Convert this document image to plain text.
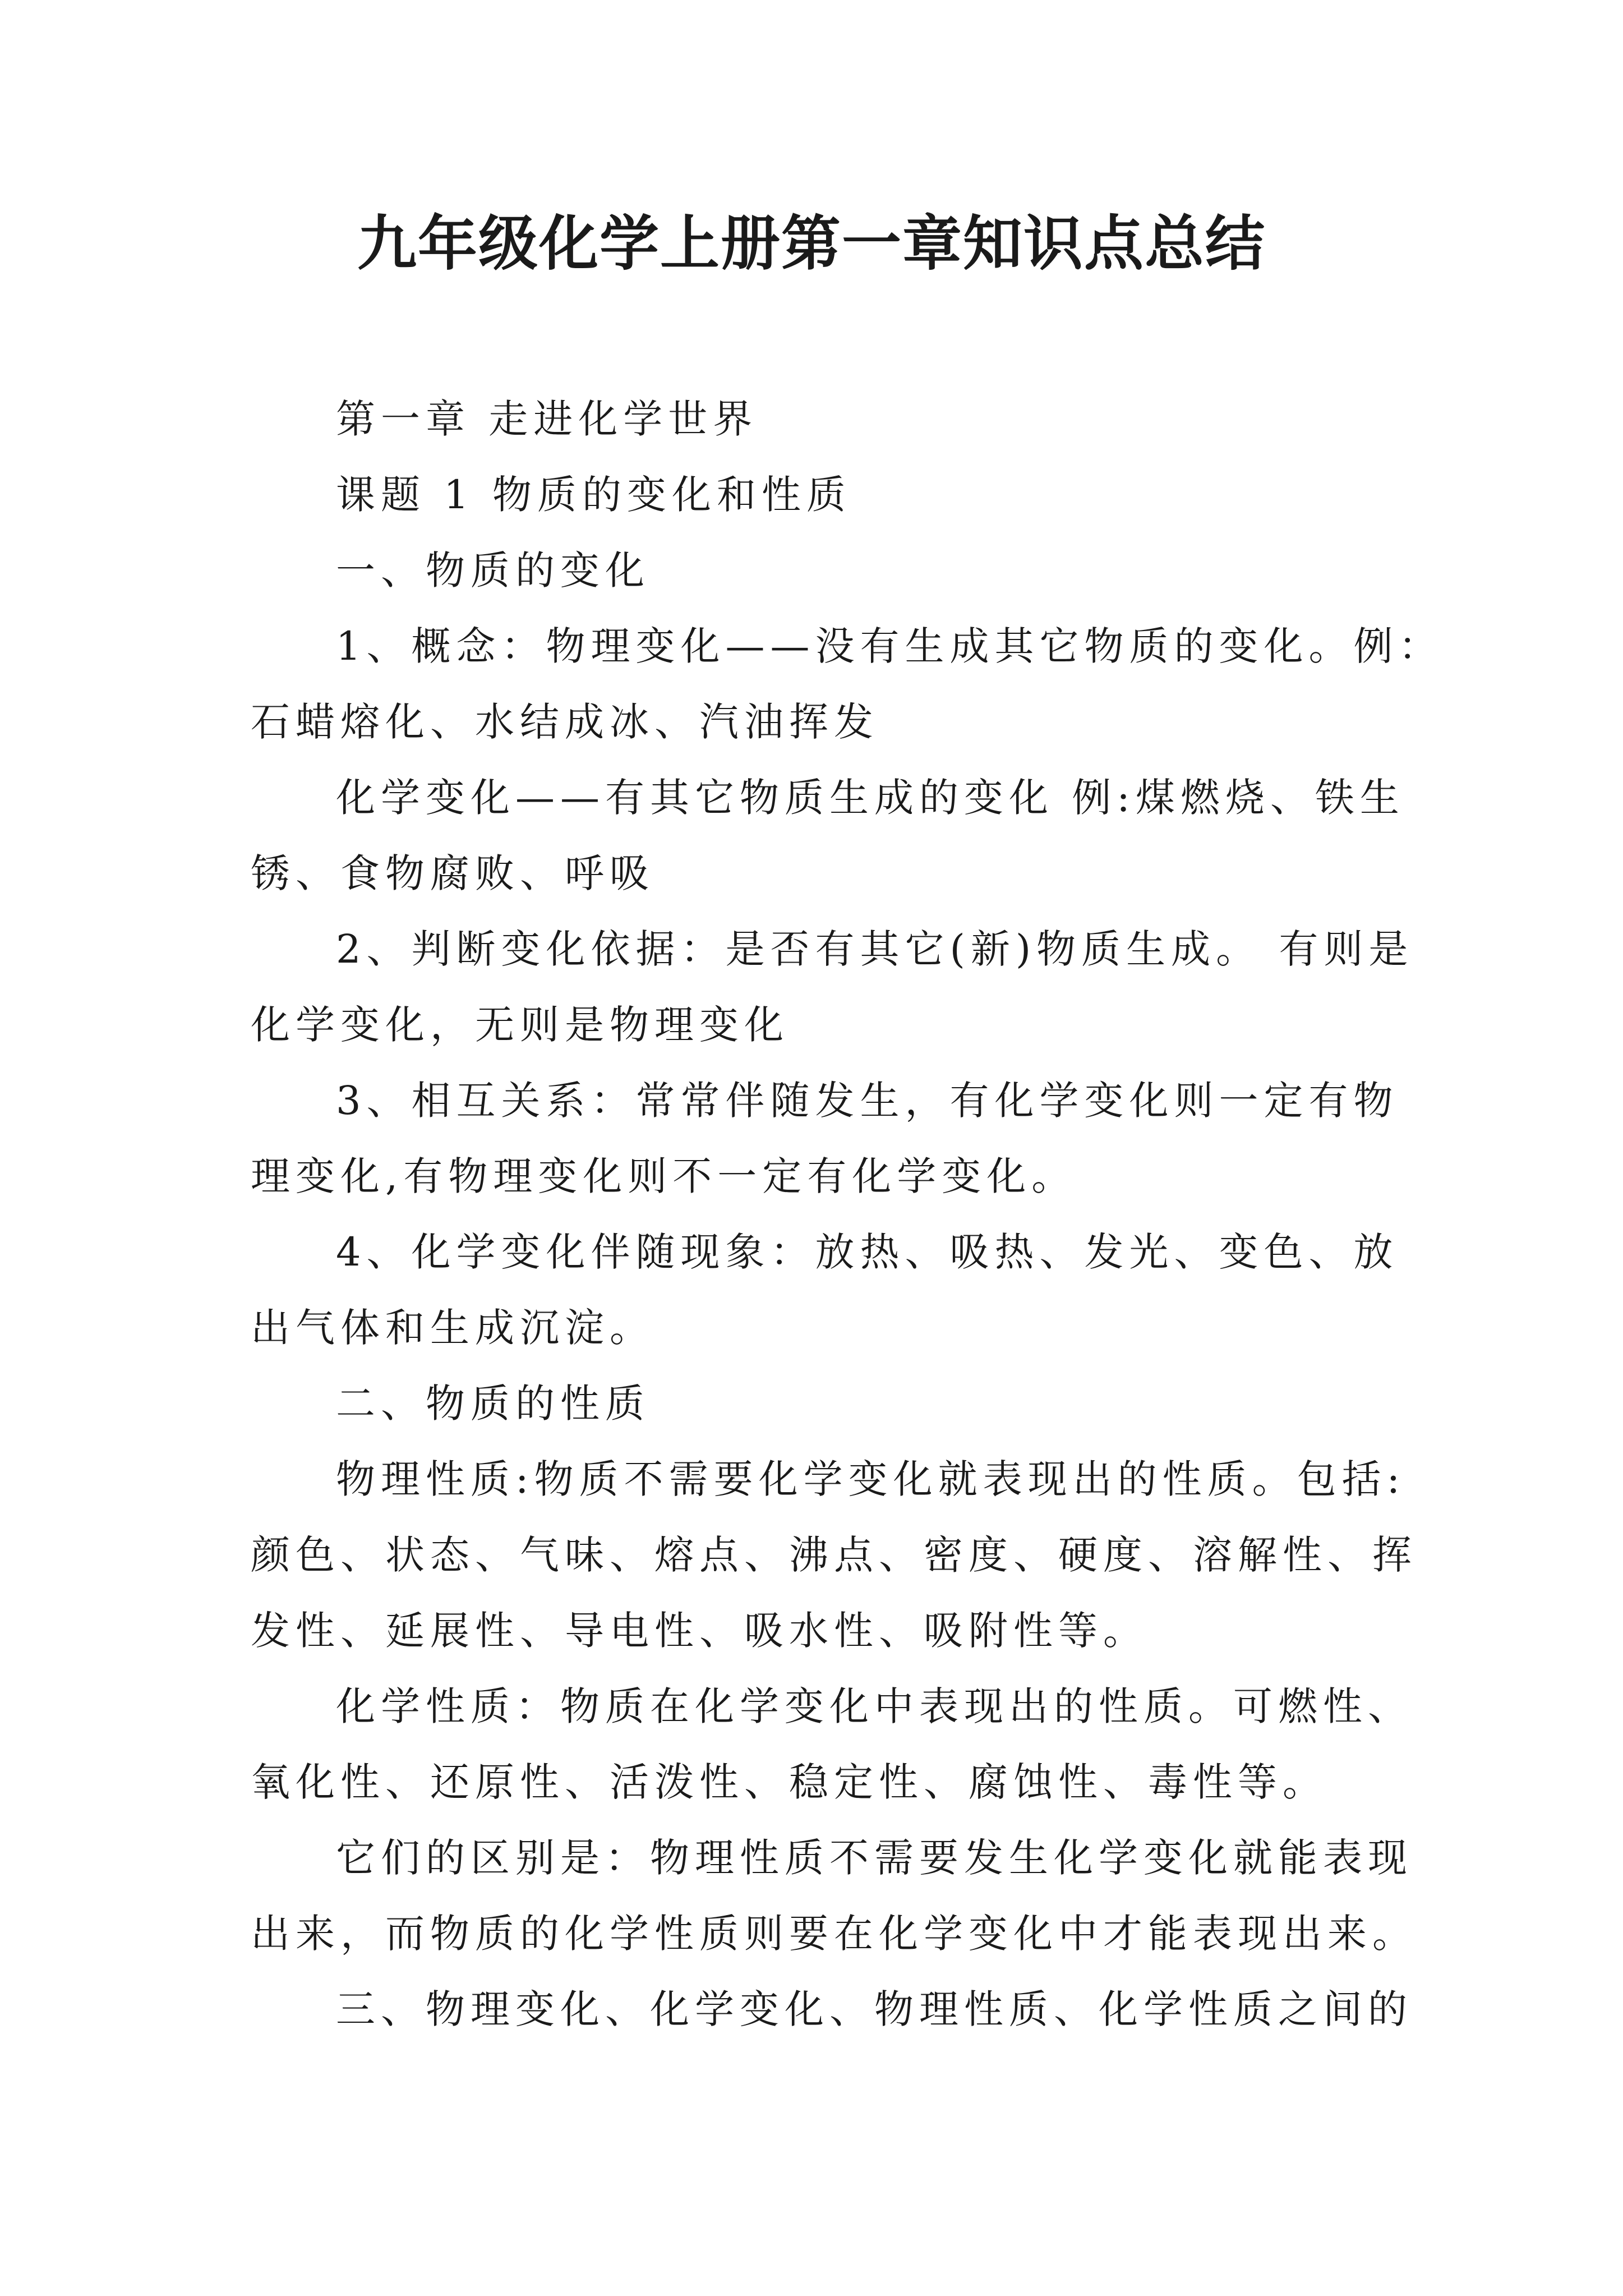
九年级化学上册第一章知识点总结

第一章 走进化学世界

课题 1 物质的变化和性质

一、物质的变化

1、概念：物理变化——没有生成其它物质的变化。例：

石蜡熔化、水结成冰、汽油挥发

化学变化——有其它物质生成的变化 例:煤燃烧、铁生

锈、食物腐败、呼吸

2、判断变化依据：是否有其它(新)物质生成。 有则是

化学变化，无则是物理变化

3、相互关系：常常伴随发生，有化学变化则一定有物

理变化,有物理变化则不一定有化学变化。

4、化学变化伴随现象：放热、吸热、发光、变色、放

出气体和生成沉淀。

二、物质的性质

物理性质:物质不需要化学变化就表现出的性质。包括:

颜色、状态、气味、熔点、沸点、密度、硬度、溶解性、挥

发性、延展性、导电性、吸水性、吸附性等。

化学性质：物质在化学变化中表现出的性质。可燃性、

氧化性、还原性、活泼性、稳定性、腐蚀性、毒性等。

它们的区别是：物理性质不需要发生化学变化就能表现

出来，而物质的化学性质则要在化学变化中才能表现出来。

三、物理变化、化学变化、物理性质、化学性质之间的
